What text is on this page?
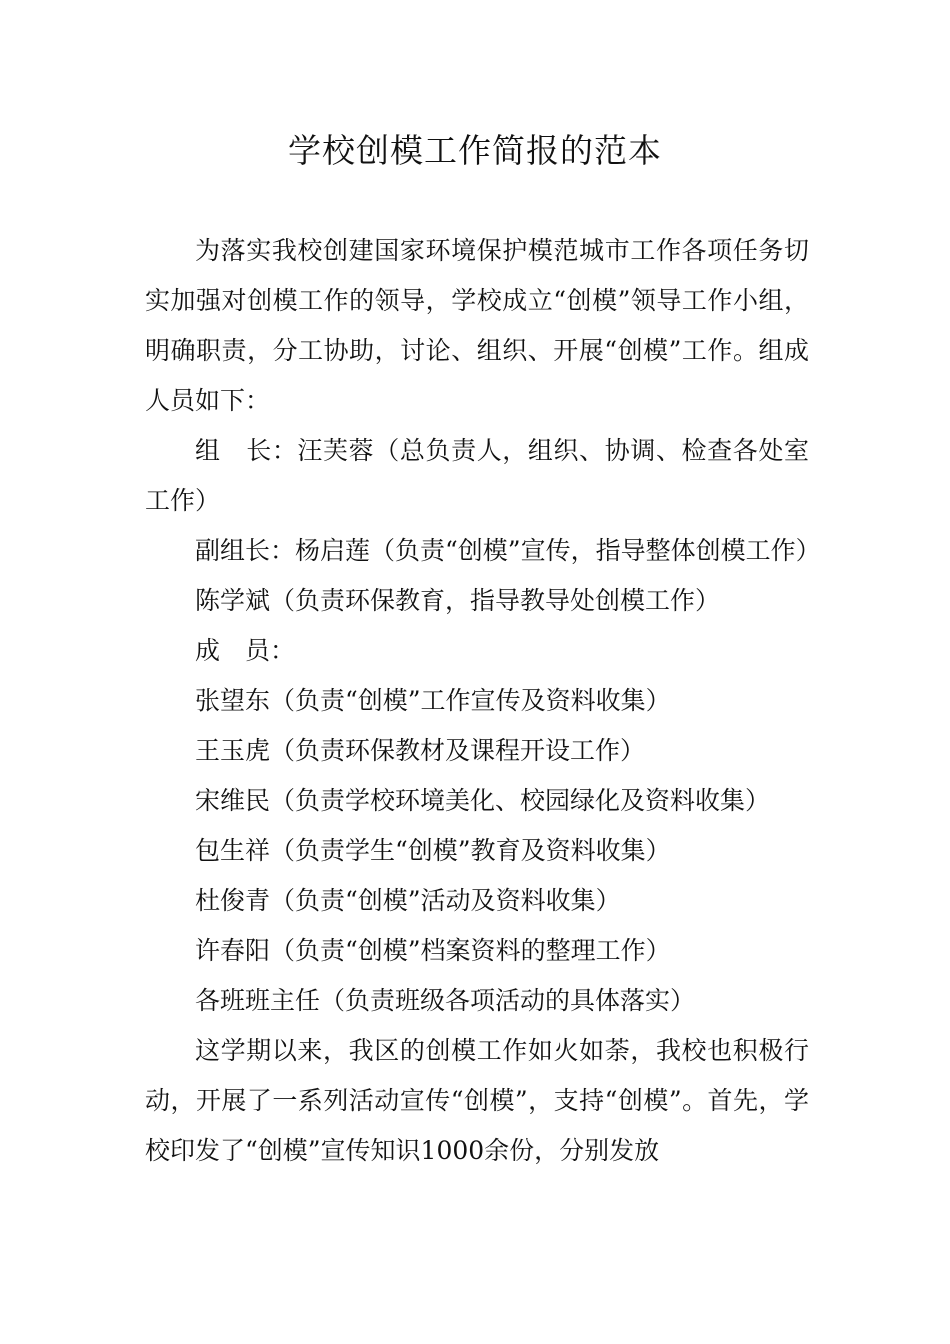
学校创模工作简报的范本

为落实我校创建国家环境保护模范城市工作各项任务切实加强对创模工作的领导，学校成立“创模”领导工作小组，明确职责，分工协助，讨论、组织、开展“创模”工作。组成人员如下：

组　长：汪芙蓉（总负责人，组织、协调、检查各处室工作）

副组长：杨启莲（负责“创模”宣传，指导整体创模工作）

陈学斌（负责环保教育，指导教导处创模工作）

成　员：

张望东（负责“创模”工作宣传及资料收集）

王玉虎（负责环保教材及课程开设工作）

宋维民（负责学校环境美化、校园绿化及资料收集）

包生祥（负责学生“创模”教育及资料收集）

杜俊青（负责“创模”活动及资料收集）

许春阳（负责“创模”档案资料的整理工作）

各班班主任（负责班级各项活动的具体落实）

这学期以来，我区的创模工作如火如荼，我校也积极行动，开展了一系列活动宣传“创模”，支持“创模”。首先，学校印发了“创模”宣传知识1000余份，分别发放
